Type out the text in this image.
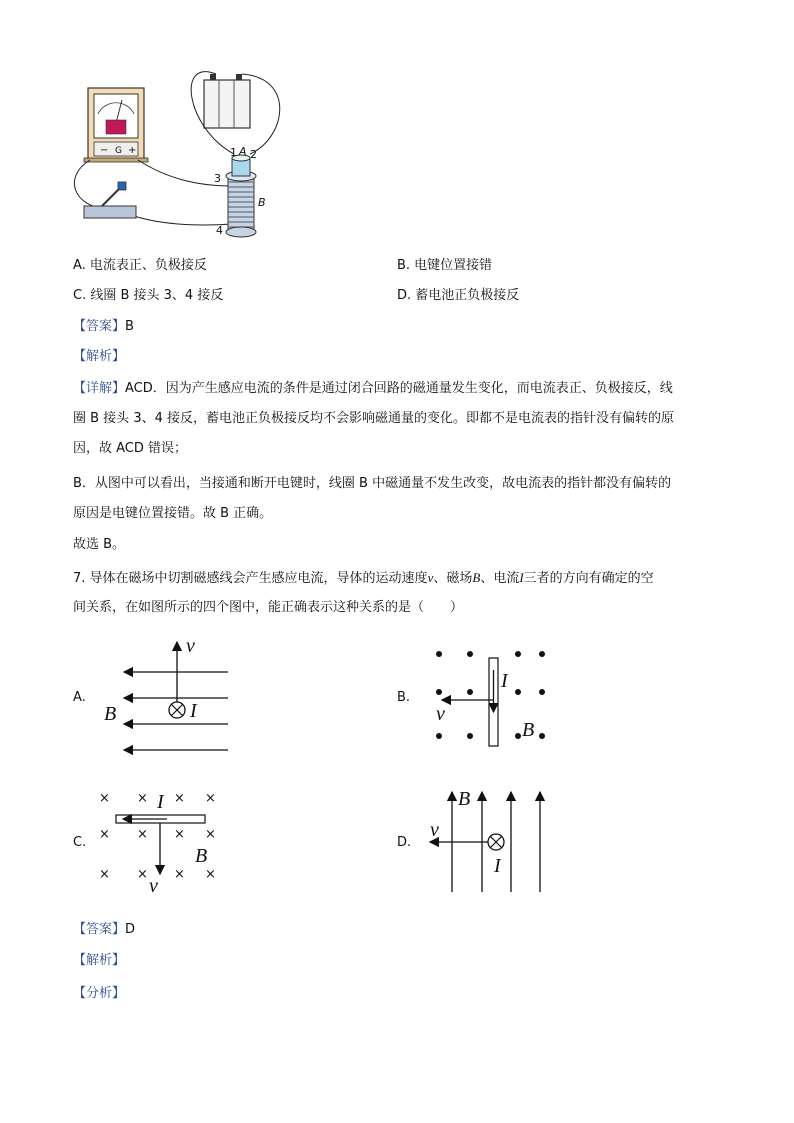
− G +	1 2
3
4
A
B
A. 电流表正、负极接反	B. 电键位置接错
C. 线圈 B 接头 3、4 接反	D. 蓄电池正负极接反
【答案】B
【解析】
【详解】ACD．因为产生感应电流的条件是通过闭合回路的磁通量发生变化，而电流表正、负极接反，线
圈 B 接头 3、4 接反，蓄电池正负极接反均不会影响磁通量的变化。即都不是电流表的指针没有偏转的原
因，故 ACD 错误；
B．从图中可以看出，当接通和断开电键时，线圈 B 中磁通量不发生改变，故电流表的指针都没有偏转的
原因是电键位置接错。故 B 正确。
故选 B。
7. 导体在磁场中切割磁感线会产生感应电流，导体的运动速度v、磁场B、电流I三者的方向有确定的空
间关系，在如图所示的四个图中，能正确表示这种关系的是（　　）
A.
v
B	I
B.
I
v
B
C.
× × × ×
× × × ×
× × × ×
I
B
v
D.
B
v
I
【答案】D
【解析】
【分析】
